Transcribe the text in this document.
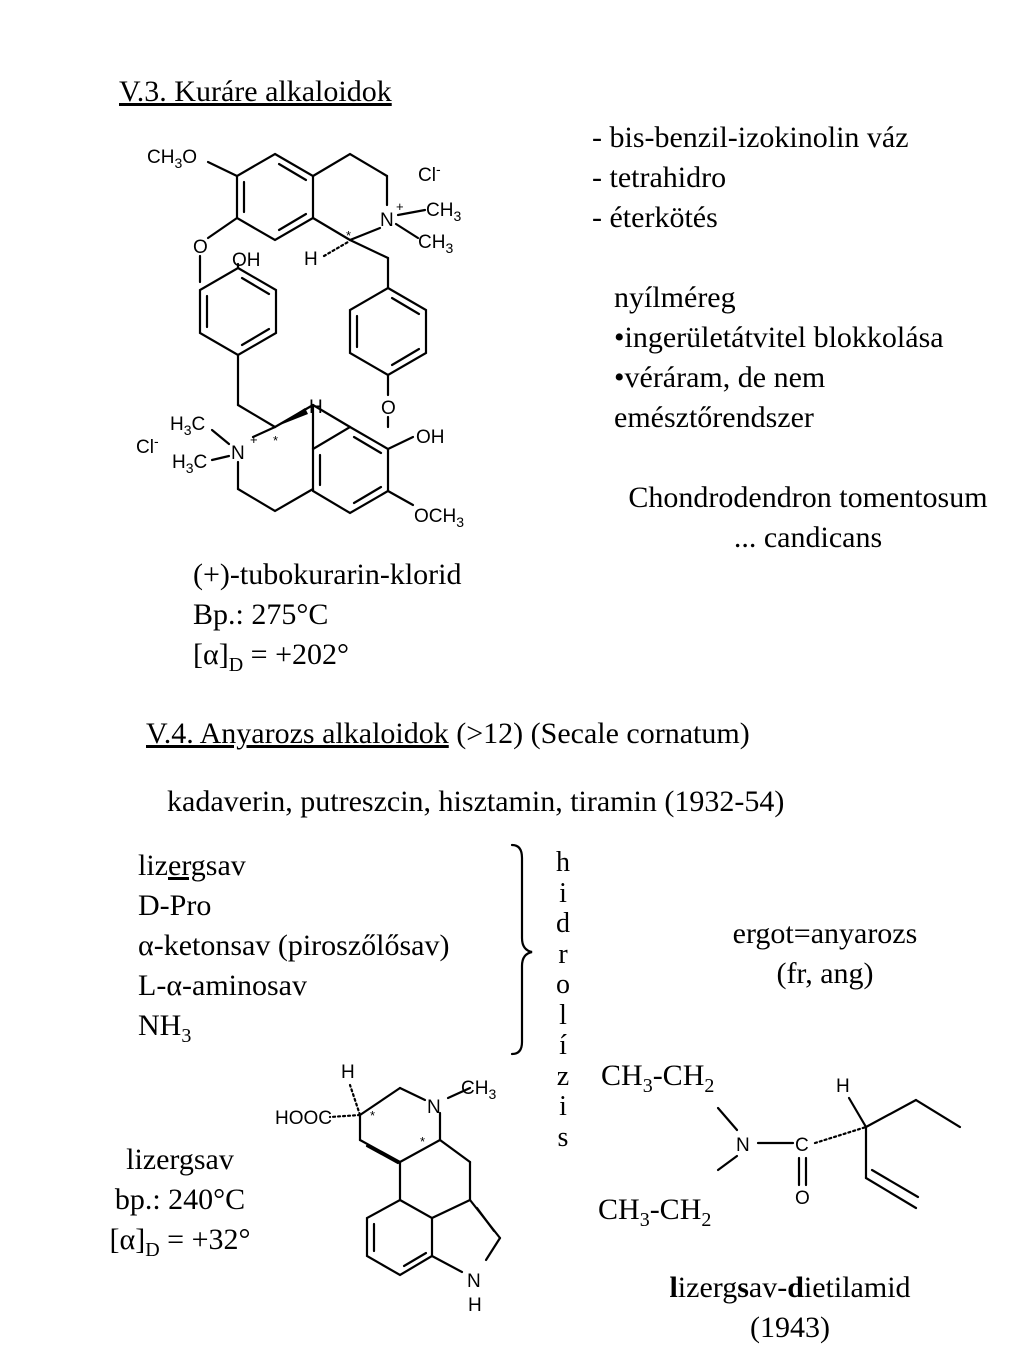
V.3. Kuráre alkaloidok
- bis-benzil-izokinolin váz
- tetrahidro
- éterkötés
nyílméreg
•ingerületátvitel blokkolása
•véráram, de nem
emésztőrendszer
Chondrodendron tomentosum
... candicans
(+)-tubokurarin-klorid
Bp.: 275°C
$[\alpha]_D = +202^\circ$
$CH_3O$
Cl-
N
+ $CH_3$
$CH_3$
*
H
O
OH
O
H
$H_3C$
$H_3C$ N
+ *
Cl-	OH
$OCH_3$
V.4. Anyarozs alkaloidok (>12) (Secale cornatum)
kadaverin, putreszcin, hisztamin, tiramin (1932-54)
lizergsav
D-Pro
α-ketonsav (piroszőlősav)
L-α-aminosav
$NH_3$
h
i
d
r
o
l
í
z
i
s
ergot=anyarozs
(fr, ang)
lizergsav
bp.: 240°C
$[\alpha]_D = +32^\circ$
H
HOOC
N
$CH_3$
*
*
N
H
$CH_3-CH_2$
$CH_3-CH_2$
N C
O
H
lizergsav-dietilamid
(1943)
